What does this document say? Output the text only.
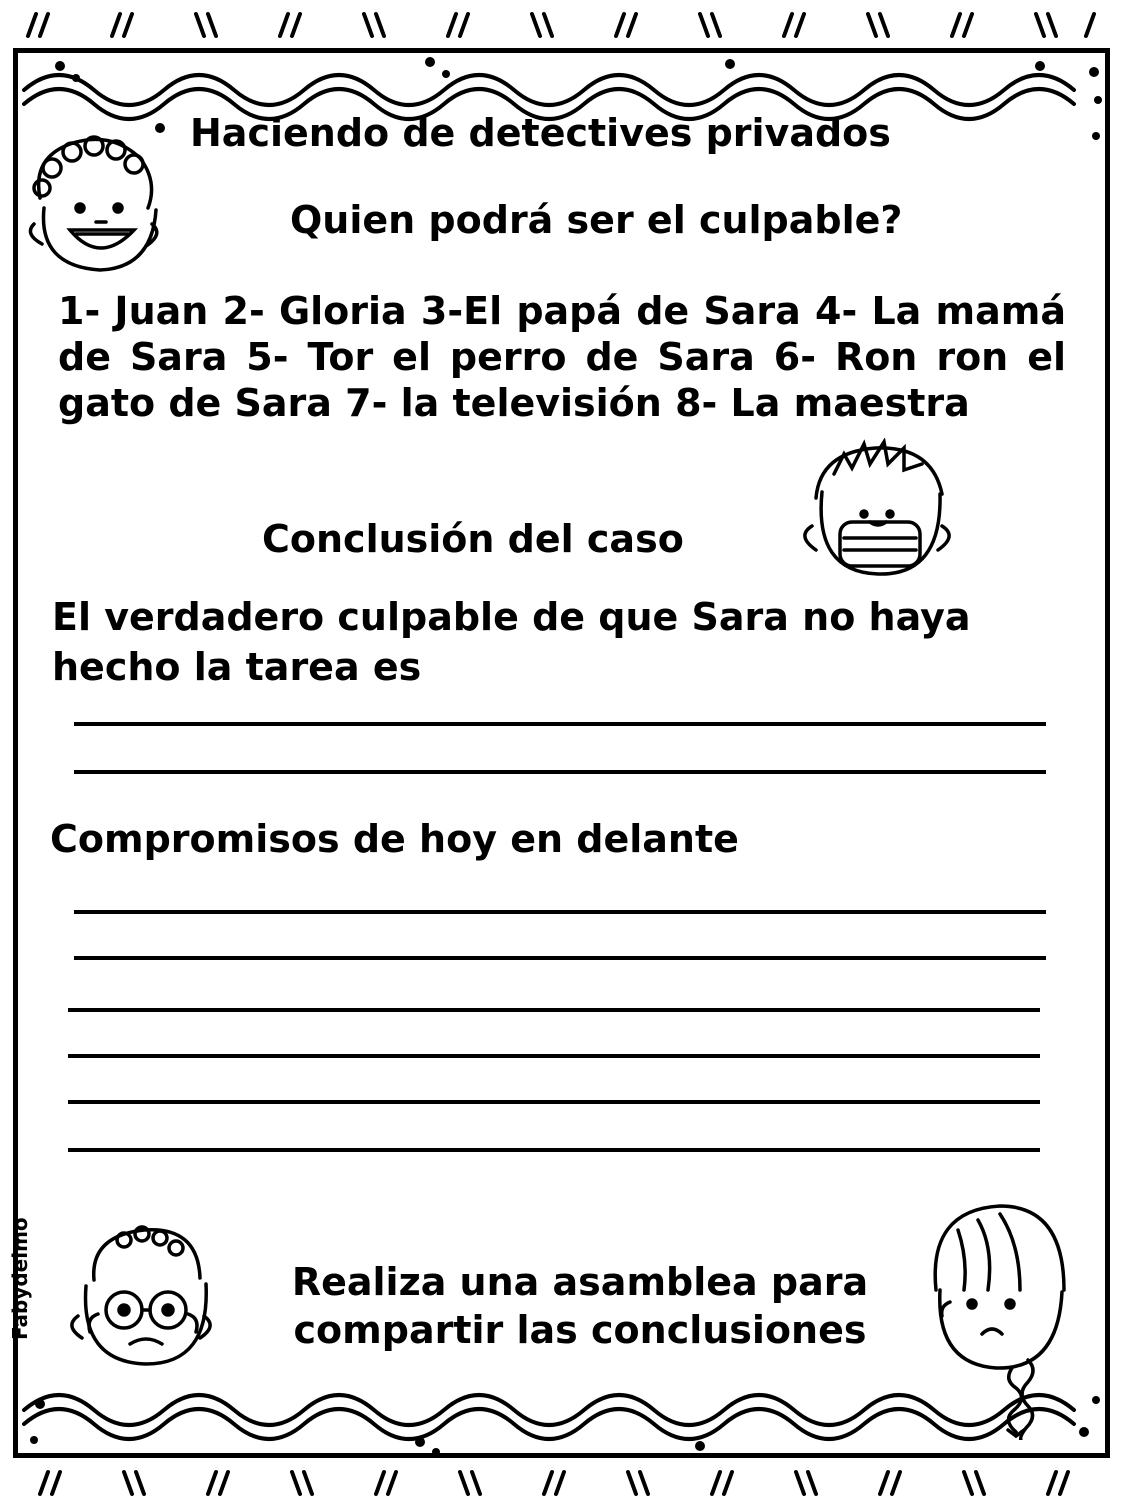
Haciendo de detectives privados
Quien podrá ser el culpable?
1- Juan 2- Gloria 3-El papá de Sara 4- La mamá de Sara 5- Tor el perro de Sara 6- Ron ron el gato de Sara 7- la televisión 8- La maestra
Conclusión del caso
El verdadero culpable de que Sara no haya hecho la tarea es
Compromisos de hoy en delante
Realiza una asamblea para
compartir las conclusiones
Fabydelmo
